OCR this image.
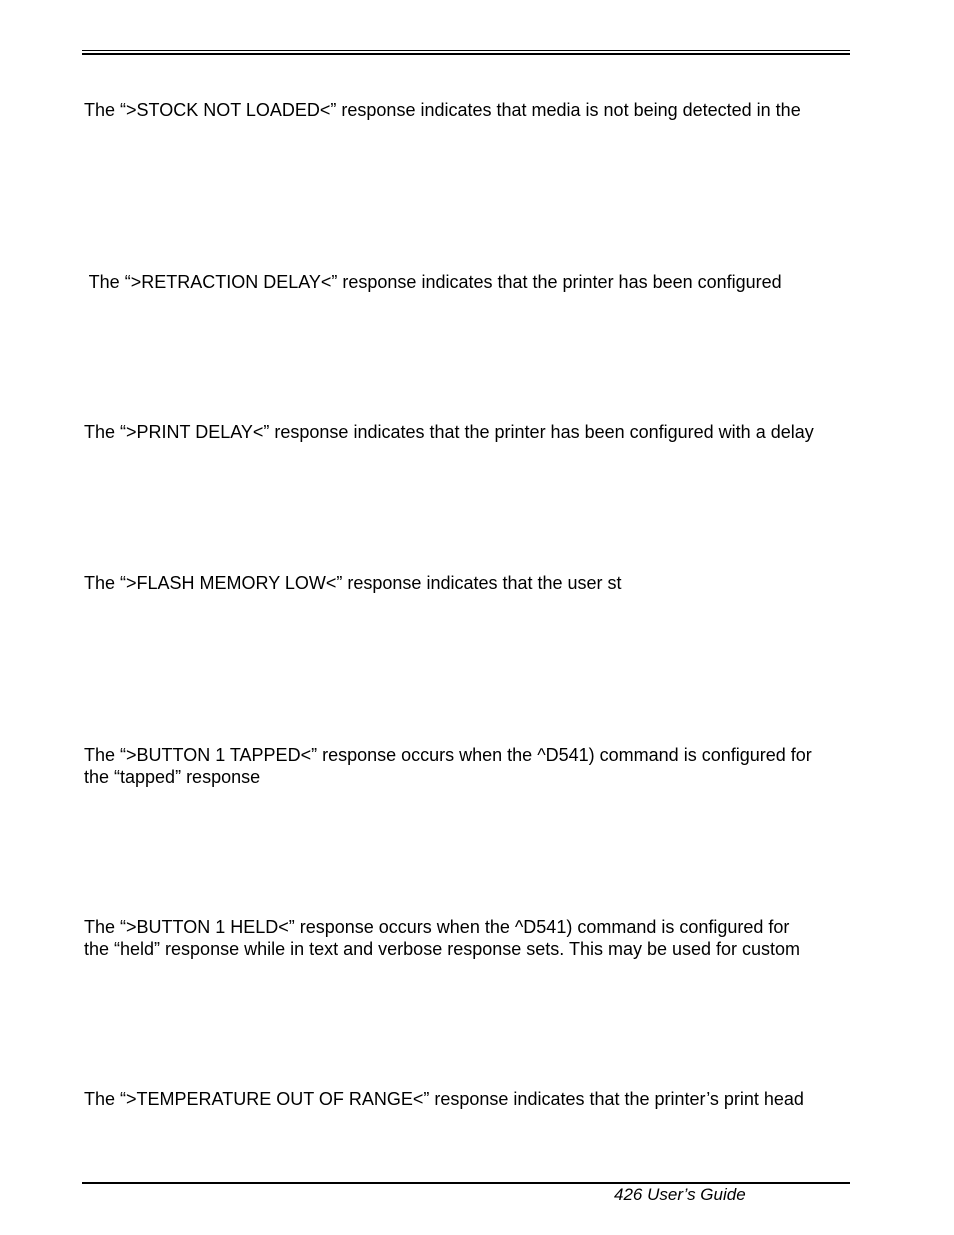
The “>STOCK NOT LOADED<” response indicates that media is not being detected in the
The “>RETRACTION DELAY<” response indicates that the printer has been configured
The “>PRINT DELAY<” response indicates that the printer has been configured with a delay
The “>FLASH MEMORY LOW<” response indicates that the user st
The “>BUTTON 1 TAPPED<” response occurs when the ^D541) command is configured for
the “tapped” response
The “>BUTTON 1 HELD<” response occurs when the ^D541) command is configured for
the “held” response while in text and verbose response sets. This may be used for custom
The “>TEMPERATURE OUT OF RANGE<” response indicates that the printer’s print head
426 User’s Guide
